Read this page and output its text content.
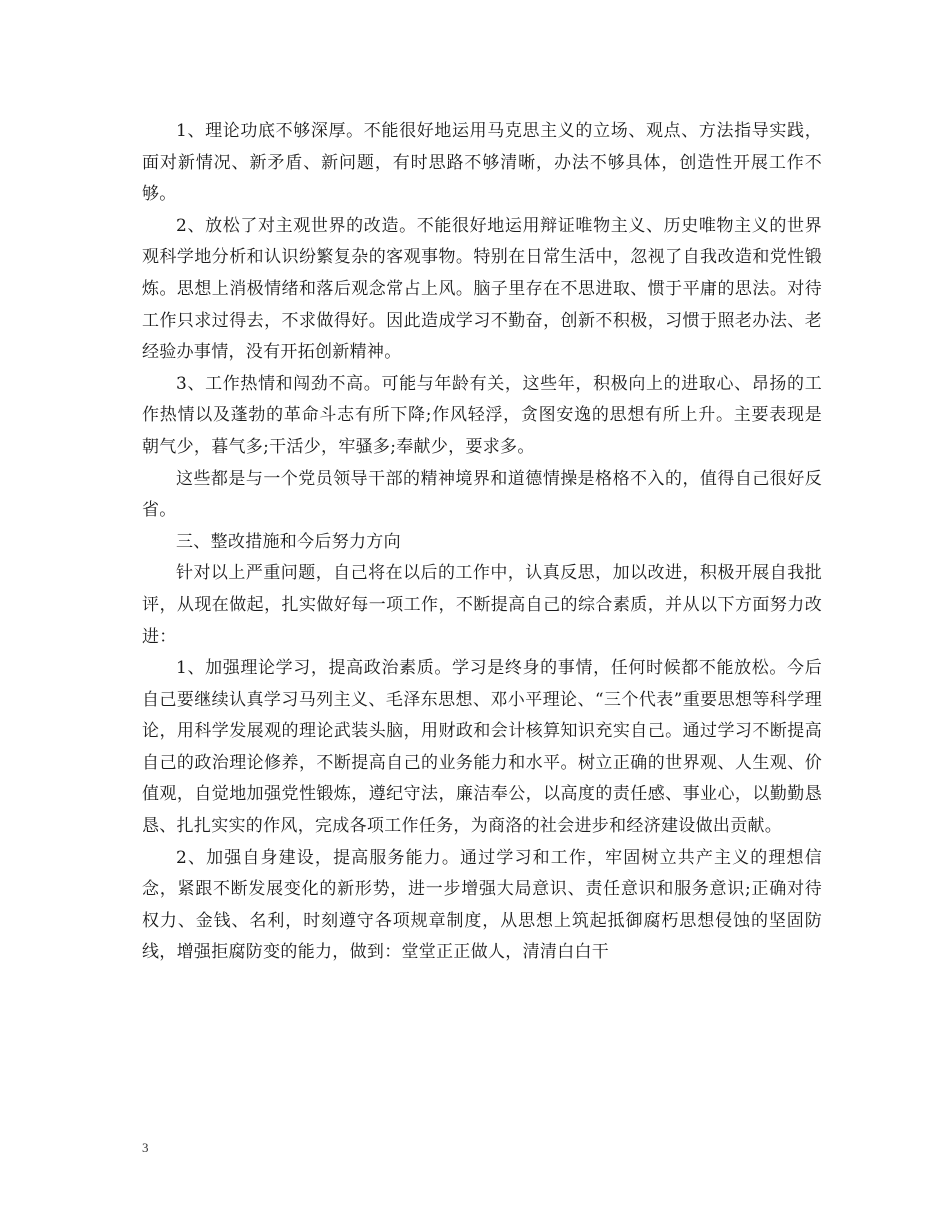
1、理论功底不够深厚。不能很好地运用马克思主义的立场、观点、方法指导实践，面对新情况、新矛盾、新问题，有时思路不够清晰，办法不够具体，创造性开展工作不够。

2、放松了对主观世界的改造。不能很好地运用辩证唯物主义、历史唯物主义的世界观科学地分析和认识纷繁复杂的客观事物。特别在日常生活中，忽视了自我改造和党性锻炼。思想上消极情绪和落后观念常占上风。脑子里存在不思进取、惯于平庸的思法。对待工作只求过得去，不求做得好。因此造成学习不勤奋，创新不积极，习惯于照老办法、老经验办事情，没有开拓创新精神。

3、工作热情和闯劲不高。可能与年龄有关，这些年，积极向上的进取心、昂扬的工作热情以及蓬勃的革命斗志有所下降;作风轻浮，贪图安逸的思想有所上升。主要表现是朝气少，暮气多;干活少，牢骚多;奉献少，要求多。

这些都是与一个党员领导干部的精神境界和道德情操是格格不入的，值得自己很好反省。

三、整改措施和今后努力方向

针对以上严重问题，自己将在以后的工作中，认真反思，加以改进，积极开展自我批评，从现在做起，扎实做好每一项工作，不断提高自己的综合素质，并从以下方面努力改进：

1、加强理论学习，提高政治素质。学习是终身的事情，任何时候都不能放松。今后自己要继续认真学习马列主义、毛泽东思想、邓小平理论、“三个代表”重要思想等科学理论，用科学发展观的理论武装头脑，用财政和会计核算知识充实自己。通过学习不断提高自己的政治理论修养，不断提高自己的业务能力和水平。树立正确的世界观、人生观、价值观，自觉地加强党性锻炼，遵纪守法，廉洁奉公，以高度的责任感、事业心，以勤勤恳恳、扎扎实实的作风，完成各项工作任务，为商洛的社会进步和经济建设做出贡献。

2、加强自身建设，提高服务能力。通过学习和工作，牢固树立共产主义的理想信念，紧跟不断发展变化的新形势，进一步增强大局意识、责任意识和服务意识;正确对待权力、金钱、名利，时刻遵守各项规章制度，从思想上筑起抵御腐朽思想侵蚀的坚固防线，增强拒腐防变的能力，做到：堂堂正正做人，清清白白干

3
